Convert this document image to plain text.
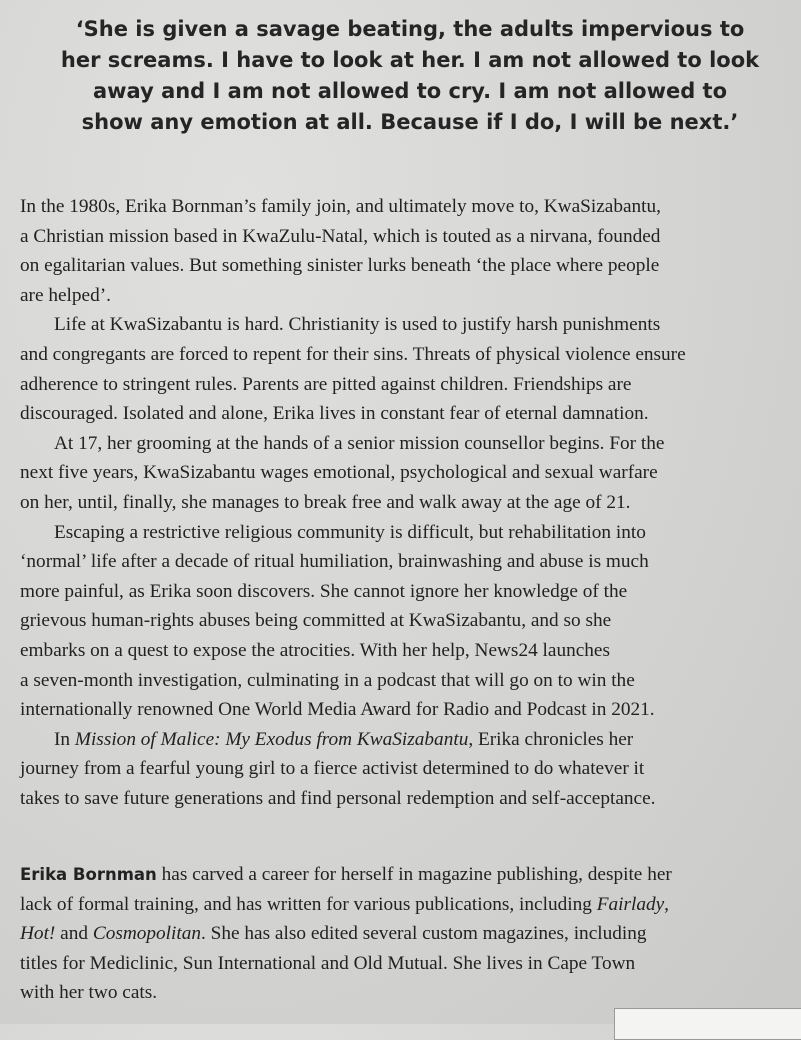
‘She is given a savage beating, the adults impervious to
her screams. I have to look at her. I am not allowed to look
away and I am not allowed to cry. I am not allowed to
show any emotion at all. Because if I do, I will be next.’

In the 1980s, Erika Bornman’s family join, and ultimately move to, KwaSizabantu,
a Christian mission based in KwaZulu-Natal, which is touted as a nirvana, founded
on egalitarian values. But something sinister lurks beneath ‘the place where people
are helped’.

Life at KwaSizabantu is hard. Christianity is used to justify harsh punishments
and congregants are forced to repent for their sins. Threats of physical violence ensure
adherence to stringent rules. Parents are pitted against children. Friendships are
discouraged. Isolated and alone, Erika lives in constant fear of eternal damnation.

At 17, her grooming at the hands of a senior mission counsellor begins. For the
next five years, KwaSizabantu wages emotional, psychological and sexual warfare
on her, until, finally, she manages to break free and walk away at the age of 21.

Escaping a restrictive religious community is difficult, but rehabilitation into
‘normal’ life after a decade of ritual humiliation, brainwashing and abuse is much
more painful, as Erika soon discovers. She cannot ignore her knowledge of the
grievous human-rights abuses being committed at KwaSizabantu, and so she
embarks on a quest to expose the atrocities. With her help, News24 launches
a seven-month investigation, culminating in a podcast that will go on to win the
internationally renowned One World Media Award for Radio and Podcast in 2021.

In Mission of Malice: My Exodus from KwaSizabantu, Erika chronicles her
journey from a fearful young girl to a fierce activist determined to do whatever it
takes to save future generations and find personal redemption and self-acceptance.

Erika Bornman has carved a career for herself in magazine publishing, despite her
lack of formal training, and has written for various publications, including Fairlady,
Hot! and Cosmopolitan. She has also edited several custom magazines, including
titles for Mediclinic, Sun International and Old Mutual. She lives in Cape Town
with her two cats.
